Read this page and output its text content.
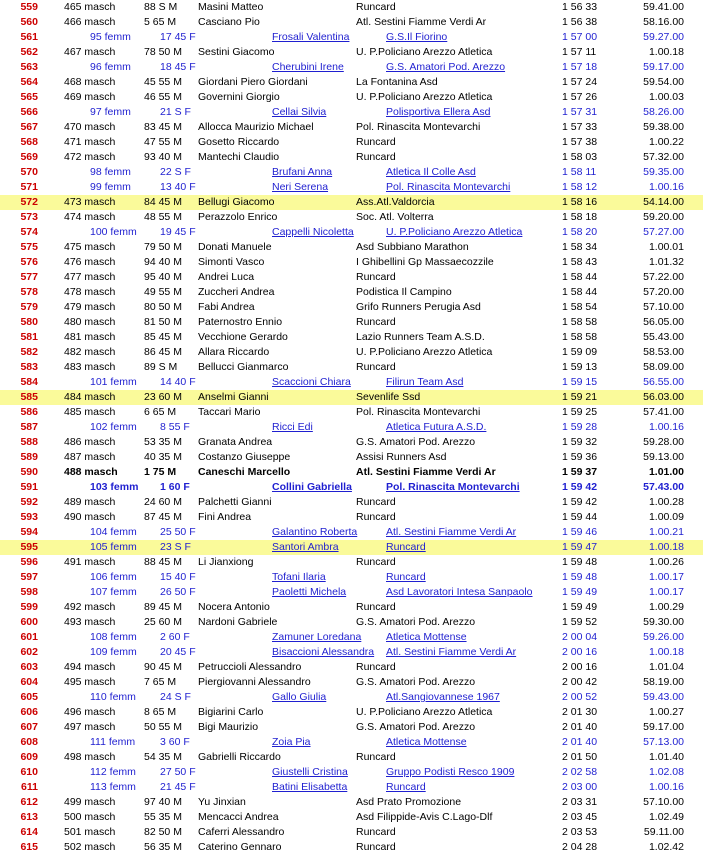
559 465 masch	88 S M	Masini Matteo	Runcard	1 56 33	59.41.00
560 466 masch	5 65 M	Casciano Pio	Atl. Sestini Fiamme Verdi Ar	1 56 38	58.16.00
561	95 femm	17 45 F	Frosali Valentina	G.S.Il Fiorino	1 57 00	59.27.00
562 467 masch	78 50 M	Sestini Giacomo	U. P.Policiano Arezzo Atletica	1 57 11	1.00.18
563	96 femm	18 45 F	Cherubini Irene	G.S. Amatori Pod. Arezzo	1 57 18	59.17.00
564 468 masch	45 55 M	Giordani Piero Giordani	La Fontanina Asd	1 57 24	59.54.00
565 469 masch	46 55 M	Governini Giorgio	U. P.Policiano Arezzo Atletica	1 57 26	1.00.03
566	97 femm	21 S F	Cellai Silvia	Polisportiva Ellera Asd	1 57 31	58.26.00
567 470 masch	83 45 M	Allocca Maurizio Michael	Pol. Rinascita Montevarchi	1 57 33	59.38.00
568 471 masch	47 55 M	Gosetto Riccardo	Runcard	1 57 38	1.00.22
569 472 masch	93 40 M	Mantechi Claudio	Runcard	1 58 03	57.32.00
570	98 femm	22 S F	Brufani Anna	Atletica Il Colle Asd	1 58 11	59.35.00
571	99 femm	13 40 F	Neri Serena	Pol. Rinascita Montevarchi	1 58 12	1.00.16
572 473 masch	84 45 M	Bellugi Giacomo	Ass.Atl.Valdorcia	1 58 16	54.14.00
573 474 masch	48 55 M	Perazzolo Enrico	Soc. Atl. Volterra	1 58 18	59.20.00
574	100 femm	19 45 F	Cappelli Nicoletta	U. P.Policiano Arezzo Atletica	1 58 20	57.27.00
575 475 masch	79 50 M	Donati Manuele	Asd Subbiano Marathon	1 58 34	1.00.01
576 476 masch	94 40 M	Simonti Vasco	I Ghibellini Gp Massaecozzile	1 58 43	1.01.32
577 477 masch	95 40 M	Andrei Luca	Runcard	1 58 44	57.22.00
578 478 masch	49 55 M	Zuccheri Andrea	Podistica Il Campino	1 58 44	57.20.00
579 479 masch	80 50 M	Fabi Andrea	Grifo Runners Perugia Asd	1 58 54	57.10.00
580 480 masch	81 50 M	Paternostro Ennio	Runcard	1 58 58	56.05.00
581 481 masch	85 45 M	Vecchione Gerardo	Lazio Runners Team A.S.D.	1 58 58	55.43.00
582 482 masch	86 45 M	Allara Riccardo	U. P.Policiano Arezzo Atletica	1 59 09	58.53.00
583 483 masch	89 S M	Bellucci Gianmarco	Runcard	1 59 13	58.09.00
584	101 femm	14 40 F	Scaccioni Chiara	Filirun Team Asd	1 59 15	56.55.00
585 484 masch	23 60 M	Anselmi Gianni	Sevenlife Ssd	1 59 21	56.03.00
586 485 masch	6 65 M	Taccari Mario	Pol. Rinascita Montevarchi	1 59 25	57.41.00
587	102 femm	8 55 F	Ricci Edi	Atletica Futura A.S.D.	1 59 28	1.00.16
588 486 masch	53 35 M	Granata Andrea	G.S. Amatori Pod. Arezzo	1 59 32	59.28.00
589 487 masch	40 35 M	Costanzo Giuseppe	Assisi Runners Asd	1 59 36	59.13.00
590 488 masch	1 75 M	Caneschi Marcello	Atl. Sestini Fiamme Verdi Ar	1 59 37	1.01.00
591	103 femm 1 60 F	Collini Gabriella	Pol. Rinascita Montevarchi	1 59 42	57.43.00
592 489 masch	24 60 M	Palchetti Gianni	Runcard	1 59 42	1.00.28
593 490 masch	87 45 M	Fini Andrea	Runcard	1 59 44	1.00.09
594	104 femm	25 50 F	Galantino Roberta	Atl. Sestini Fiamme Verdi Ar	1 59 46	1.00.21
595	105 femm	23 S F	Santori Ambra	Runcard	1 59 47	1.00.18
596 491 masch	88 45 M	Li Jianxiong	Runcard	1 59 48	1.00.26
597	106 femm	15 40 F	Tofani Ilaria	Runcard	1 59 48	1.00.17
598	107 femm	26 50 F	Paoletti Michela	Asd Lavoratori Intesa Sanpaolo	1 59 49	1.00.17
599 492 masch	89 45 M	Nocera Antonio	Runcard	1 59 49	1.00.29
600 493 masch	25 60 M	Nardoni Gabriele	G.S. Amatori Pod. Arezzo	1 59 52	59.30.00
601	108 femm	2 60 F	Zamuner Loredana	Atletica Mottense	2 00 04	59.26.00
602	109 femm	20 45 F	Bisaccioni Alessandra	Atl. Sestini Fiamme Verdi Ar	2 00 16	1.00.18
603 494 masch	90 45 M	Petruccioli Alessandro	Runcard	2 00 16	1.01.04
604 495 masch	7 65 M	Piergiovanni Alessandro	G.S. Amatori Pod. Arezzo	2 00 42	58.19.00
605	110 femm	24 S F	Gallo Giulia	Atl.Sangiovannese 1967	2 00 52	59.43.00
606 496 masch	8 65 M	Bigiarini Carlo	U. P.Policiano Arezzo Atletica	2 01 30	1.00.27
607 497 masch	50 55 M	Bigi Maurizio	G.S. Amatori Pod. Arezzo	2 01 40	59.17.00
608	111 femm	3 60 F	Zoia Pia	Atletica Mottense	2 01 40	57.13.00
609 498 masch	54 35 M	Gabrielli Riccardo	Runcard	2 01 50	1.01.40
610	112 femm	27 50 F	Giustelli Cristina	Gruppo Podisti Resco 1909	2 02 58	1.02.08
611	113 femm	21 45 F	Batini Elisabetta	Runcard	2 03 00	1.00.16
612 499 masch	97 40 M	Yu Jinxian	Asd Prato Promozione	2 03 31	57.10.00
613 500 masch	55 35 M	Mencacci Andrea	Asd Filippide-Avis C.Lago-Dlf	2 03 45	1.02.49
614 501 masch	82 50 M	Caferri Alessandro	Runcard	2 03 53	59.11.00
615 502 masch	56 35 M	Caterino Gennaro	Runcard	2 04 28	1.02.42
